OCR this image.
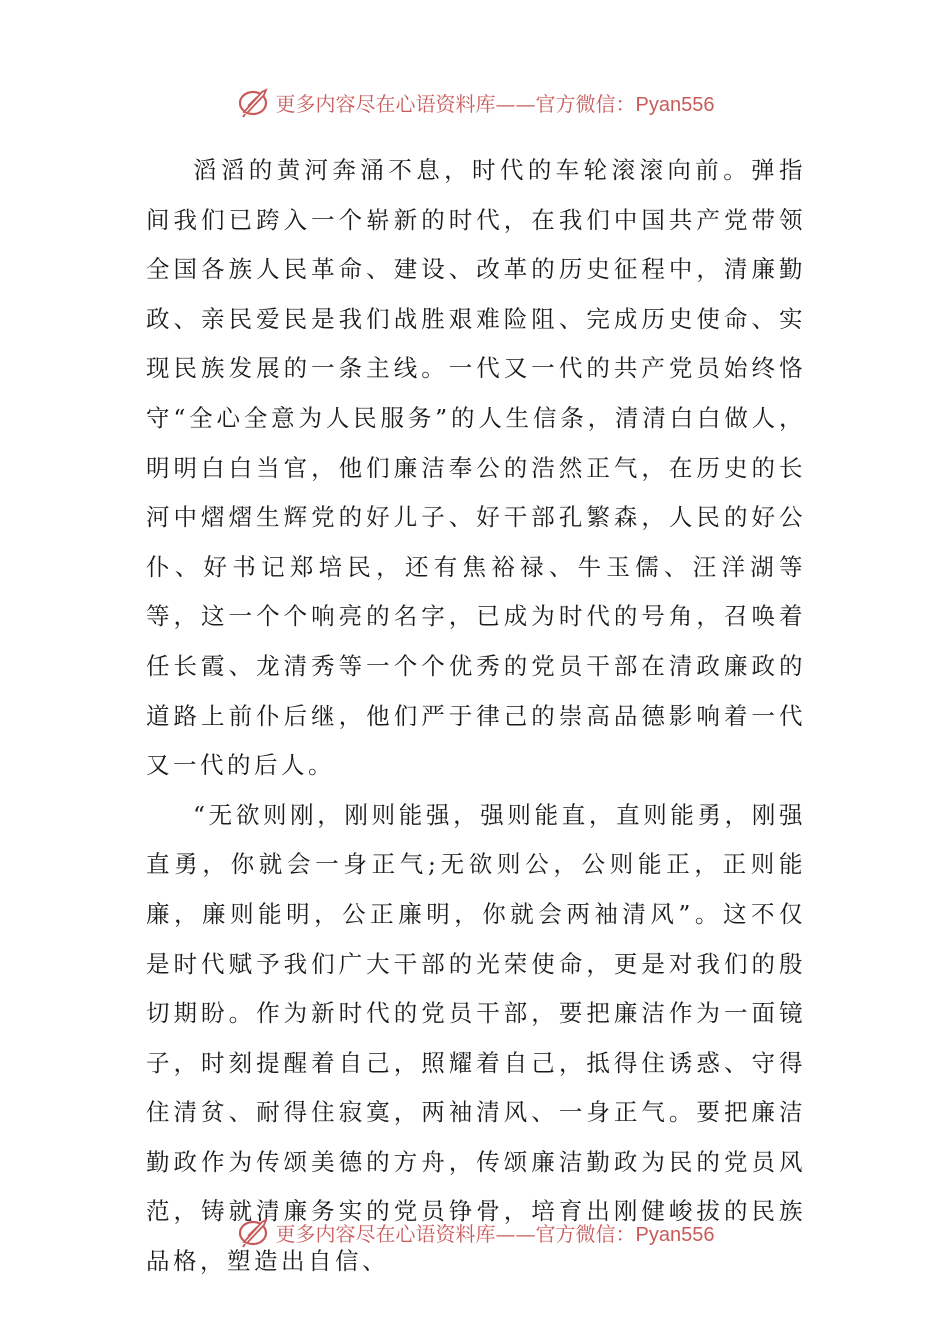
更多内容尽在心语资料库——官方微信：Pyan556

滔滔的黄河奔涌不息，时代的车轮滚滚向前。弹指间我们已跨入一个崭新的时代，在我们中国共产党带领全国各族人民革命、建设、改革的历史征程中，清廉勤政、亲民爱民是我们战胜艰难险阻、完成历史使命、实现民族发展的一条主线。一代又一代的共产党员始终恪守“全心全意为人民服务”的人生信条，清清白白做人，明明白白当官，他们廉洁奉公的浩然正气，在历史的长河中熠熠生辉党的好儿子、好干部孔繁森，人民的好公仆、好书记郑培民，还有焦裕禄、牛玉儒、汪洋湖等等，这一个个响亮的名字，已成为时代的号角，召唤着任长霞、龙清秀等一个个优秀的党员干部在清政廉政的道路上前仆后继，他们严于律己的崇高品德影响着一代又一代的后人。

“无欲则刚，刚则能强，强则能直，直则能勇，刚强直勇，你就会一身正气;无欲则公，公则能正，正则能廉，廉则能明，公正廉明，你就会两袖清风”。这不仅是时代赋予我们广大干部的光荣使命，更是对我们的殷切期盼。作为新时代的党员干部，要把廉洁作为一面镜子，时刻提醒着自己，照耀着自己，抵得住诱惑、守得住清贫、耐得住寂寞，两袖清风、一身正气。要把廉洁勤政作为传颂美德的方舟，传颂廉洁勤政为民的党员风范，铸就清廉务实的党员铮骨，培育出刚健峻拔的民族品格，塑造出自信、

更多内容尽在心语资料库——官方微信：Pyan556
